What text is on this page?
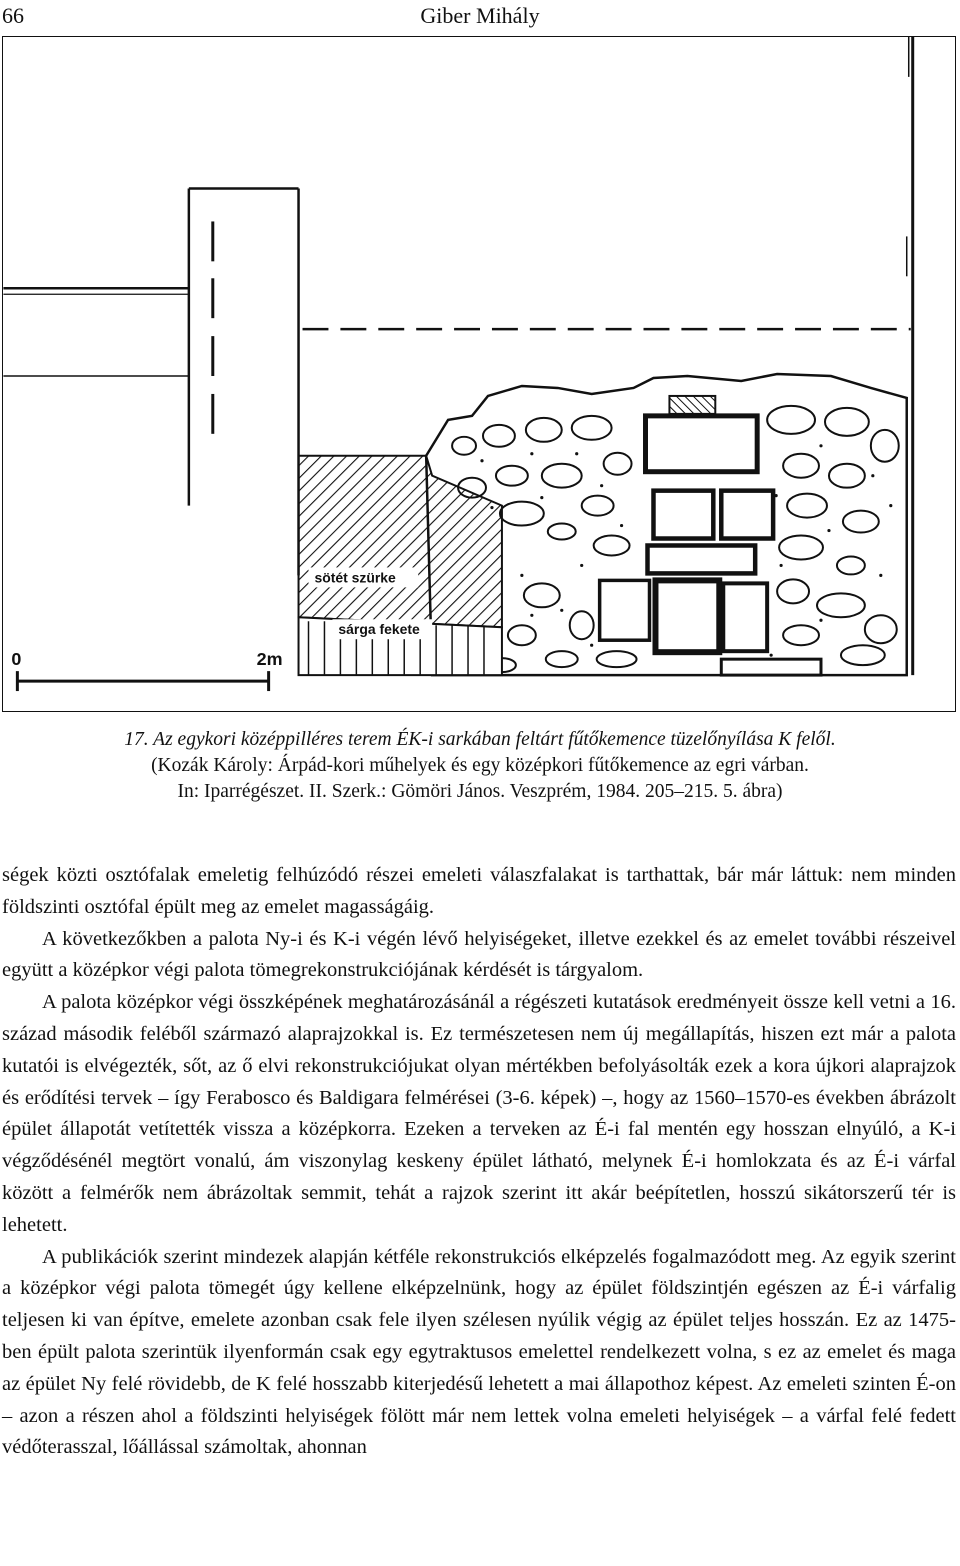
66	Giber Mihály
sötét szürke
sárga fekete
0	2m
17. Az egykori középpilléres terem ÉK-i sarkában feltárt fűtőkemence tüzelőnyílása K felől.
(Kozák Károly: Árpád-kori műhelyek és egy középkori fűtőkemence az egri várban.
In: Iparrégészet. II. Szerk.: Gömöri János. Veszprém, 1984. 205–215. 5. ábra)

ségek közti osztófalak emeletig felhúzódó részei emeleti válaszfalakat is tarthattak, bár már láttuk: nem minden földszinti osztófal épült meg az emelet magasságáig.

A következőkben a palota Ny-i és K-i végén lévő helyiségeket, illetve ezekkel és az emelet további részeivel együtt a középkor végi palota tömegrekonstrukciójának kérdését is tárgyalom.

A palota középkor végi összképének meghatározásánál a régészeti kutatások eredményeit össze kell vetni a 16. század második feléből származó alaprajzokkal is. Ez természetesen nem új megállapítás, hiszen ezt már a palota kutatói is elvégezték, sőt, az ő elvi rekonstrukciójukat olyan mértékben befolyásolták ezek a kora újkori alaprajzok és erődítési tervek – így Ferabosco és Baldigara felmérései (3-6. képek) –, hogy az 1560–1570-es években ábrázolt épület állapotát vetítették vissza a középkorra. Ezeken a terveken az É-i fal mentén egy hosszan elnyúló, a K-i végződésénél megtört vonalú, ám viszonylag keskeny épület látható, melynek É-i homlokzata és az É-i várfal között a felmérők nem ábrázoltak semmit, tehát a rajzok szerint itt akár beépítetlen, hosszú sikátorszerű tér is lehetett.

A publikációk szerint mindezek alapján kétféle rekonstrukciós elképzelés fogalmazódott meg. Az egyik szerint a középkor végi palota tömegét úgy kellene elképzelnünk, hogy az épület földszintjén egészen az É-i várfalig teljesen ki van építve, emelete azonban csak fele ilyen szélesen nyúlik végig az épület teljes hosszán. Ez az 1475-ben épült palota szerintük ilyenformán csak egy egytraktusos emelettel rendelkezett volna, s ez az emelet és maga az épület Ny felé rövidebb, de K felé hosszabb kiterjedésű lehetett a mai állapothoz képest. Az emeleti szinten É-on – azon a részen ahol a földszinti helyiségek fölött már nem lettek volna emeleti helyiségek – a várfal felé fedett védőterasszal, lőállással számoltak, ahonnan
